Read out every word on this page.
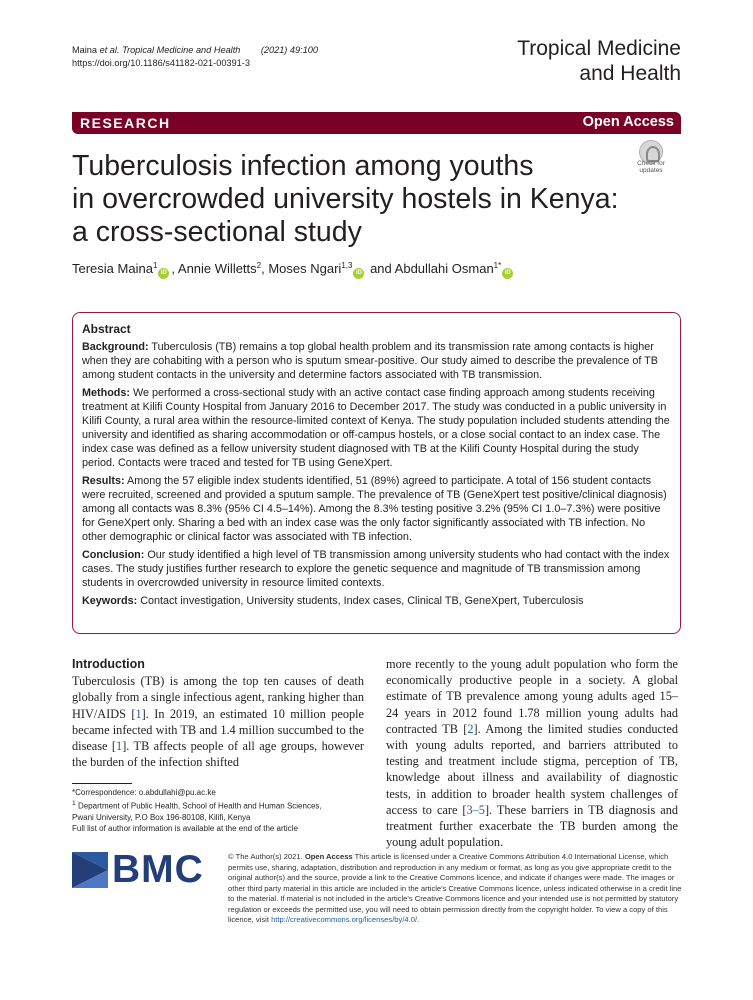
Maina et al. Tropical Medicine and Health (2021) 49:100
https://doi.org/10.1186/s41182-021-00391-3
Tropical Medicine
and Health
RESEARCH	Open Access
Tuberculosis infection among youths
in overcrowded university hostels in Kenya:
a cross-sectional study
Check for
updates
Teresia Maina$^1$iD , Annie Willetts$^2$, Moses Ngari$^{1,3}$iD and Abdullahi Osman$^{1*}$iD
Abstract

Background: Tuberculosis (TB) remains a top global health problem and its transmission rate among contacts is higher when they are cohabiting with a person who is sputum smear-positive. Our study aimed to describe the prevalence of TB among student contacts in the university and determine factors associated with TB transmission.

Methods: We performed a cross-sectional study with an active contact case finding approach among students receiving treatment at Kilifi County Hospital from January 2016 to December 2017. The study was conducted in a public university in Kilifi County, a rural area within the resource-limited context of Kenya. The study population included students attending the university and identified as sharing accommodation or off-campus hostels, or a close social contact to an index case. The index case was defined as a fellow university student diagnosed with TB at the Kilifi County Hospital during the study period. Contacts were traced and tested for TB using GeneXpert.

Results: Among the 57 eligible index students identified, 51 (89%) agreed to participate. A total of 156 student contacts were recruited, screened and provided a sputum sample. The prevalence of TB (GeneXpert test positive/clinical diagnosis) among all contacts was 8.3% (95% CI 4.5–14%). Among the 8.3% testing positive 3.2% (95% CI 1.0–7.3%) were positive for GeneXpert only. Sharing a bed with an index case was the only factor significantly associated with TB infection. No other demographic or clinical factor was associated with TB infection.

Conclusion: Our study identified a high level of TB transmission among university students who had contact with the index cases. The study justifies further research to explore the genetic sequence and magnitude of TB transmission among students in overcrowded university in resource limited contexts.

Keywords: Contact investigation, University students, Index cases, Clinical TB, GeneXpert, Tuberculosis

Introduction

Tuberculosis (TB) is among the top ten causes of death globally from a single infectious agent, ranking higher than HIV/AIDS [1]. In 2019, an estimated 10 million people became infected with TB and 1.4 million succumbed to the disease [1]. TB affects people of all age groups, however the burden of the infection shifted

more recently to the young adult population who form the economically productive people in a society. A global estimate of TB prevalence among young adults aged 15–24 years in 2012 found 1.78 million young adults had contracted TB [2]. Among the limited studies conducted with young adults reported, and barriers attributed to testing and treatment include stigma, perception of TB, knowledge about illness and availability of diagnostic tests, in addition to broader health system challenges of access to care [3–5]. These barriers in TB diagnosis and treatment further exacerbate the TB burden among the young adult population.

*Correspondence: o.abdullahi@pu.ac.ke
$^1$ Department of Public Health, School of Health and Human Sciences,
Pwani University, P.O Box 196-80108, Kilifi, Kenya
Full list of author information is available at the end of the article
BMC	© The Author(s) 2021. Open Access This article is licensed under a Creative Commons Attribution 4.0 International License, which permits use, sharing, adaptation, distribution and reproduction in any medium or format, as long as you give appropriate credit to the original author(s) and the source, provide a link to the Creative Commons licence, and indicate if changes were made. The images or other third party material in this article are included in the article's Creative Commons licence, unless indicated otherwise in a credit line to the material. If material is not included in the article's Creative Commons licence and your intended use is not permitted by statutory regulation or exceeds the permitted use, you will need to obtain permission directly from the copyright holder. To view a copy of this licence, visit http://creativecommons.org/licenses/by/4.0/.
